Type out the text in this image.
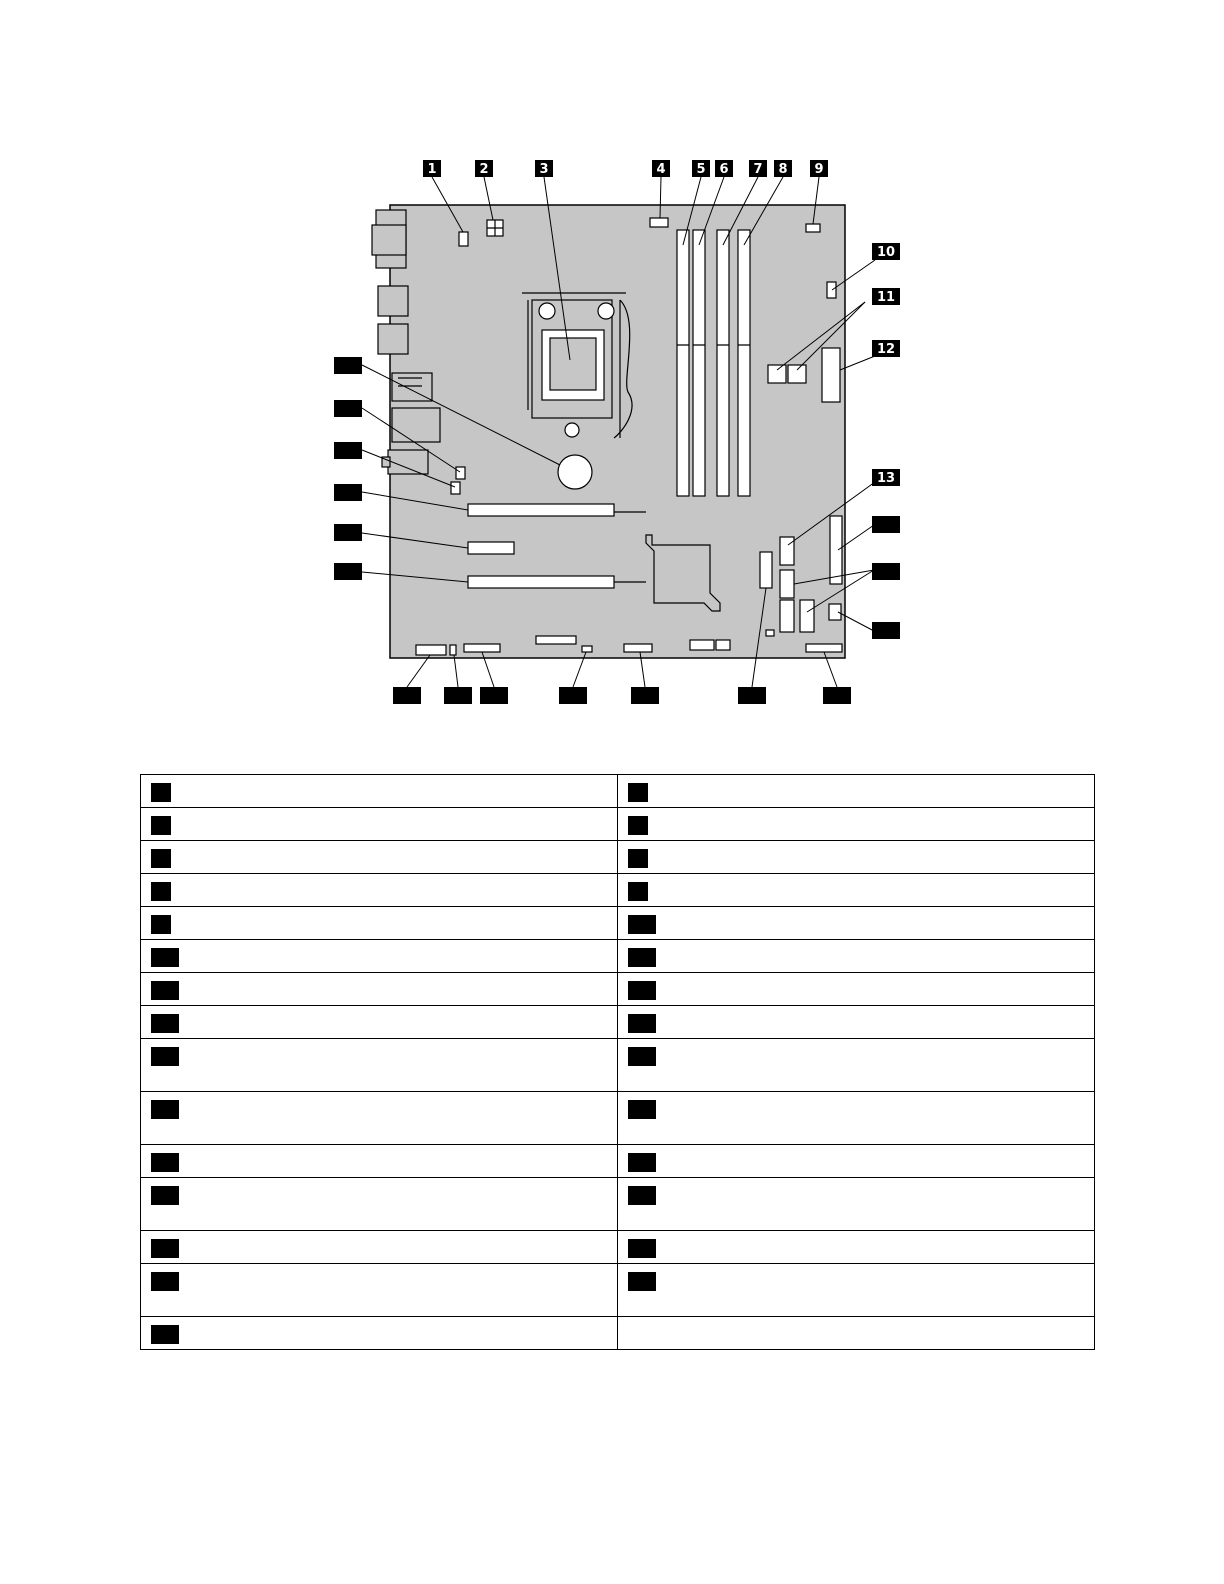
1	2	3	4 5 6 7 8 9
10
11
12
13
